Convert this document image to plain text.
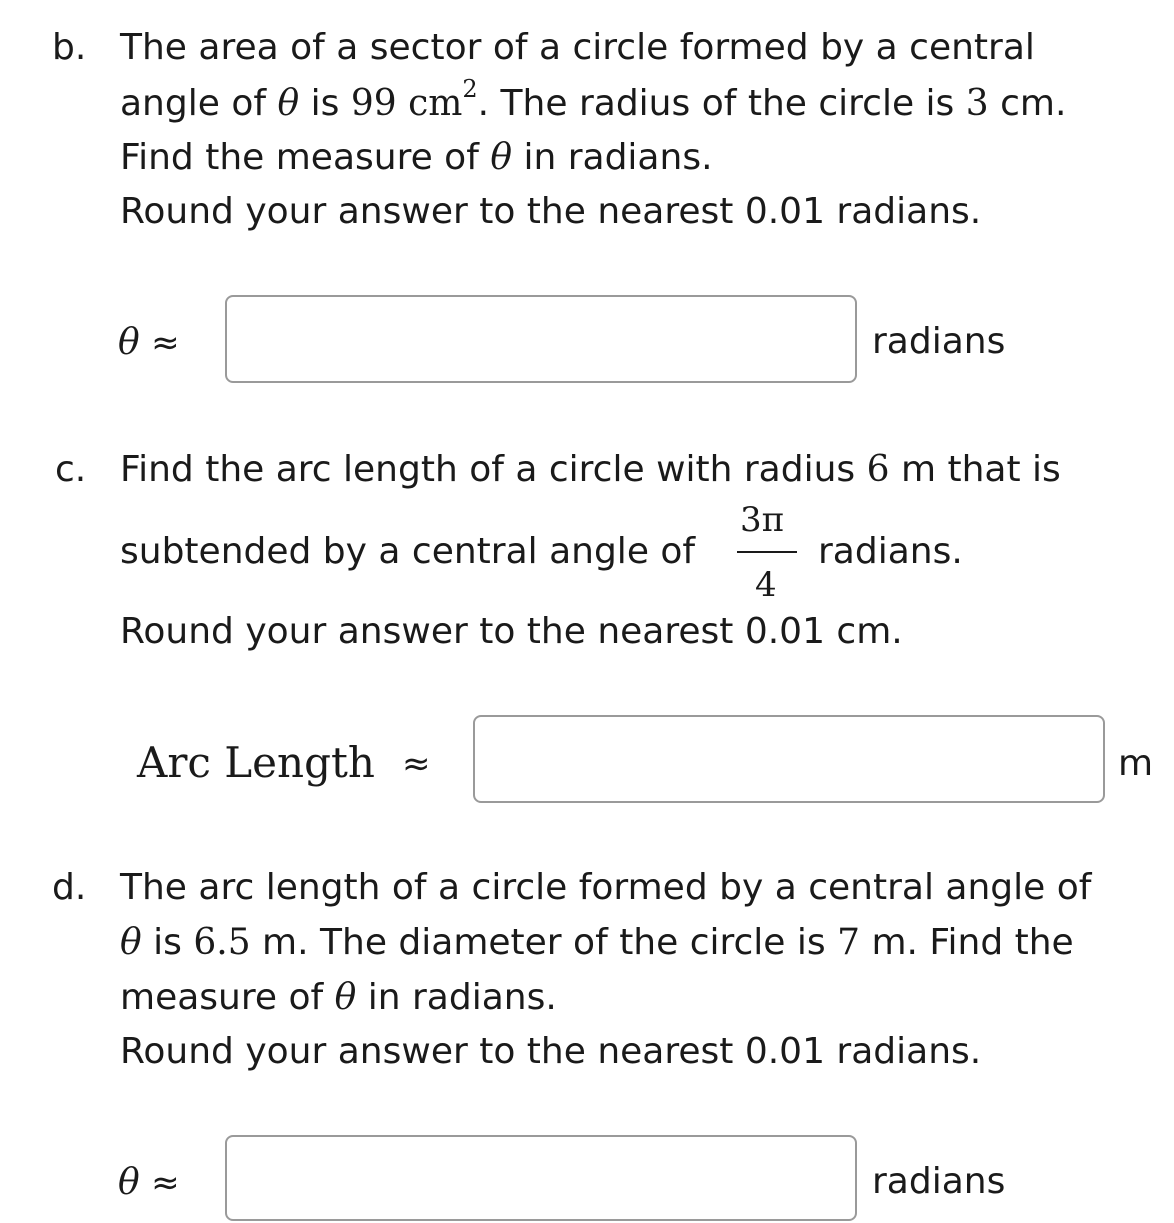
b. The area of a sector of a circle formed by a central
angle of θ is 99 $cm^2$. The radius of the circle is 3 cm.
Find the measure of θ in radians.
Round your answer to the nearest 0.01 radians.
θ ≈	radians
c. Find the arc length of a circle with radius 6 m that is
subtended by a central angle of
3π
4
radians.
Round your answer to the nearest 0.01 cm.
Arc Length ≈	m
d. The arc length of a circle formed by a central angle of
θ is 6.5 m. The diameter of the circle is 7 m. Find the
measure of θ in radians.
Round your answer to the nearest 0.01 radians.
θ ≈	radians
